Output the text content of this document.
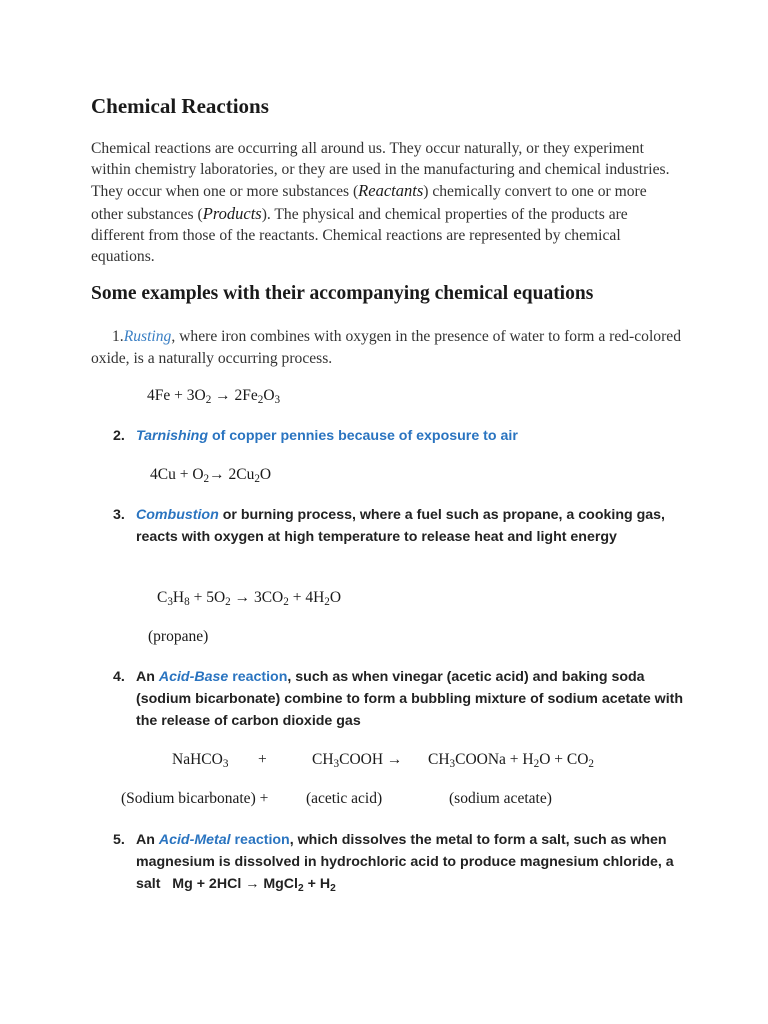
Chemical Reactions
Chemical reactions are occurring all around us. They occur naturally, or they experiment within chemistry laboratories, or they are used in the manufacturing and chemical industries. They occur when one or more substances (Reactants) chemically convert to one or more other substances (Products). The physical and chemical properties of the products are different from those of the reactants. Chemical reactions are represented by chemical equations.
Some examples with their accompanying chemical equations
1.Rusting, where iron combines with oxygen in the presence of water to form a red-colored oxide, is a naturally occurring process.
$4Fe + 3O_2 \to 2Fe_2O_3$
2. Tarnishing of copper pennies because of exposure to air
$4Cu + O_2\to 2Cu_2O$
3. Combustion or burning process, where a fuel such as propane, a cooking gas, reacts with oxygen at high temperature to release heat and light energy
$C_3H_8 + 5O_2 \to 3CO_2 + 4H_2O$
(propane)
4. An Acid-Base reaction, such as when vinegar (acetic acid) and baking soda (sodium bicarbonate) combine to form a bubbling mixture of sodium acetate with the release of carbon dioxide gas
NaHCO$_3$ +	$CH_3COOH$ → $CH_3COONa + H_2O + CO_2$
(Sodium bicarbonate) + (acetic acid)	(sodium acetate)
5. An Acid-Metal reaction, which dissolves the metal to form a salt, such as when magnesium is dissolved in hydrochloric acid to produce magnesium chloride, a salt   Mg + 2HCl → MgCl$_2$ + $H_2$
